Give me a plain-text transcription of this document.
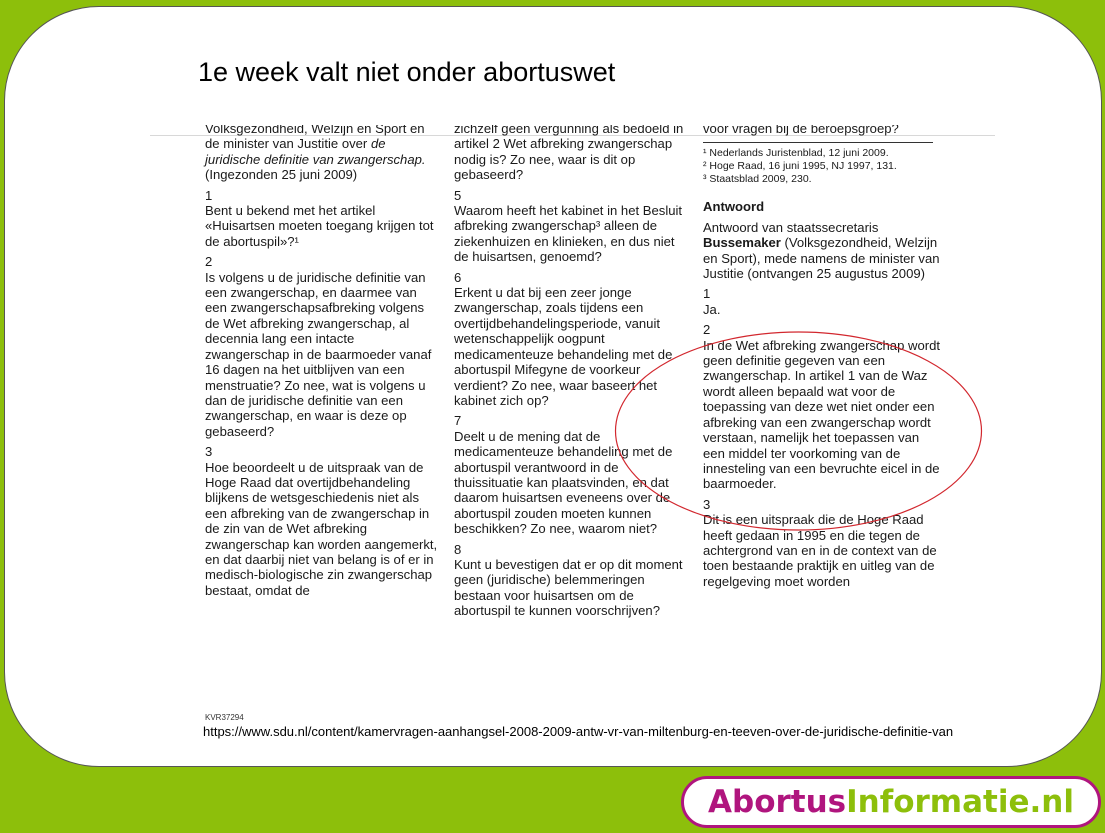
1e week valt niet onder abortuswet

Volksgezondheid, Welzijn en Sport en de minister van Justitie over de juridische definitie van zwangerschap. (Ingezonden 25 juni 2009)

1

Bent u bekend met het artikel «Huisartsen moeten toegang krijgen tot de abortuspil»?¹

2

Is volgens u de juridische definitie van een zwangerschap, en daarmee van een zwangerschapsafbreking volgens de Wet afbreking zwangerschap, al decennia lang een intacte zwangerschap in de baarmoeder vanaf 16 dagen na het uitblijven van een menstruatie? Zo nee, wat is volgens u dan de juridische definitie van een zwangerschap, en waar is deze op gebaseerd?

3

Hoe beoordeelt u de uitspraak van de Hoge Raad dat overtijdbehandeling blijkens de wetsgeschiedenis niet als een afbreking van de zwangerschap in de zin van de Wet afbreking zwangerschap kan worden aangemerkt, en dat daarbij niet van belang is of er in medisch-biologische zin zwangerschap bestaat, omdat de

zichzelf geen vergunning als bedoeld in artikel 2 Wet afbreking zwangerschap nodig is? Zo nee, waar is dit op gebaseerd?

5

Waarom heeft het kabinet in het Besluit afbreking zwangerschap³ alleen de ziekenhuizen en klinieken, en dus niet de huisartsen, genoemd?

6

Erkent u dat bij een zeer jonge zwangerschap, zoals tijdens een overtijdbehandelingsperiode, vanuit wetenschappelijk oogpunt medicamenteuze behandeling met de abortuspil Mifegyne de voorkeur verdient? Zo nee, waar baseert het kabinet zich op?

7

Deelt u de mening dat de medicamenteuze behandeling met de abortuspil verantwoord in de thuissituatie kan plaatsvinden, en dat daarom huisartsen eveneens over de abortuspil zouden moeten kunnen beschikken? Zo nee, waarom niet?

8

Kunt u bevestigen dat er op dit moment geen (juridische) belemmeringen bestaan voor huisartsen om de abortuspil te kunnen voorschrijven?

voor vragen bij de beroepsgroep?

¹ Nederlands Juristenblad, 12 juni 2009.

² Hoge Raad, 16 juni 1995, NJ 1997, 131.

³ Staatsblad 2009, 230.

Antwoord

Antwoord van staatssecretaris Bussemaker (Volksgezondheid, Welzijn en Sport), mede namens de minister van Justitie (ontvangen 25 augustus 2009)

1

Ja.

2

In de Wet afbreking zwangerschap wordt geen definitie gegeven van een zwangerschap. In artikel 1 van de Waz wordt alleen bepaald wat voor de toepassing van deze wet niet onder een afbreking van een zwangerschap wordt verstaan, namelijk het toepassen van een middel ter voorkoming van de innesteling van een bevruchte eicel in de baarmoeder.

3

Dit is een uitspraak die de Hoge Raad heeft gedaan in 1995 en die tegen de achtergrond van en in de context van de toen bestaande praktijk en uitleg van de regelgeving moet worden

KVR37294
https://www.sdu.nl/content/kamervragen-aanhangsel-2008-2009-antw-vr-van-miltenburg-en-teeven-over-de-juridische-definitie-van
Abortus Informatie.nl
